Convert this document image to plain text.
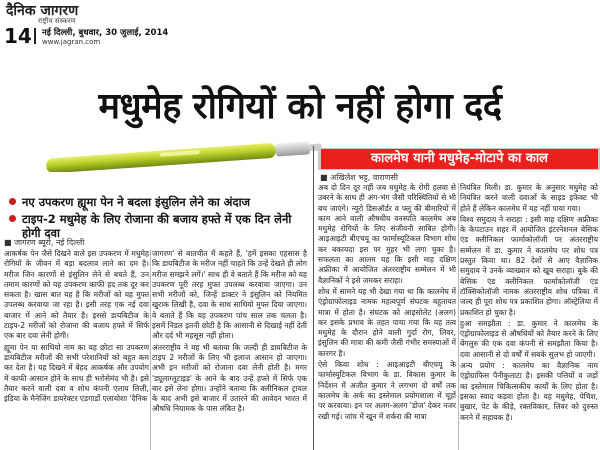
दैनिक जागरण
राष्ट्रीय संस्करण
14 नई दिल्ली, बुधवार, 30 जुलाई, 2014
www.jagran.com
मधुमेह रोगियों को नहीं होगा दर्द
नए उपकरण ह्यूमा पेन ने बदला इंसुलिन लेने का अंदाज
टाइप-2 मधुमेह के लिए रोजाना की बजाय हफ्ते में एक दिन लेनी होगी दवा
कालमेघ यानी मधुमेह-मोटापे का काल
■ अखिलेश भट्ट, वाराणसी
■ जागरण ब्यूरो, नई दिल्ली

आकर्षक पेन जैसे दिखने वाले इस उपकरण में मधुमेह रोगियों के जीवन में बड़ा बदलाव लाने का दम है। मरीज जिन कारणों से इंसुलिन लेने से बचते हैं, उन तमाम कारणों को यह उपकरण काफी हद तक दूर कर सकता है। खास बात यह है कि मरीजों को यह मुफ्त उपलब्ध करवाया जा रहा है। इसी तरह एक नई दवा बाजार में आने को तैयार है। इससे डायबिटीज के टाइप-2 मरीजों को रोजाना की बजाय हफ्ते में सिर्फ एक बार दवा लेनी होगी।

ह्यूमा पेन या साथियो नाम का यह छोटा सा उपकरण डायबिटीज मरीजों की सभी परेशानियों को बहुत कम कर देता है। यह दिखने में बेहद आकर्षक और उपयोग में काफी आसान होने के साथ ही भरोसेमंद भी है। इसे तैयार करने वाली दवा व शोध कंपनी एलाय लिली, इंडिया के मैनेजिंग डायरेक्टर एडगार्डो एलायोशा 'दैनिक

जागरण' से बातचीत में कहते हैं, 'हमें इसका एहसास है कि डायबिटीज के मरीज नहीं चाहते कि उन्हें देखते ही लोग मरीज समझने लगें।' साथ ही वे बताते हैं कि मरीज को यह उपकरण पूरी तरह मुफ्त उपलब्ध करवाया जाएगा। उन सभी मरीजों को, जिन्हें डाक्टर ने इंसुलिन को नियमित खुराक लिखी है, दवा के साथ साथियो मुफ्त दिया जाएगा। वे बताते हैं कि यह उपकरण पांच साल तक चलता है। इसमें निडल इतनी छोटी है कि आसानी से दिखाई नहीं देती और दर्द भी महसूस नहीं होता।

अंतरराष्ट्रीय ने यह भी बताया कि जल्दी ही डायबिटीज के टाइप 2 मरीजों के लिए भी इलाज आसान हो जाएगा। अभी इन मरीजों को रोजाना दवा लेनी होती है। मगर 'ड्यूलाग्लूटाइड' के आने के बाद उन्हें हफ्ते में सिर्फ एक बार इसे लेना होगा। उन्होंने बताया कि क्लीनिकल ट्रायल के बाद अभी इसे बाजार में उतारने की आवेदन भारत में औषधि नियामक के पास लंबित है।

अब दो दिन दूर नहीं जब मधुमेह के रोगी हलवा से उबरने के साथ ही अंग-भंग जैसी परिस्थितियों से भी बच जाएंगे। न्यूरो डिसऑर्डर व फ्लू की बीमारियों में काम आने वाली औषधीय वनस्पति कालमेघ अब मधुमेह रोगियों के लिए संजीवनी साबित होगी। आइआइटी बीएचयू का फार्मास्यूटिकल विभाग शोध कर बकायदा इस पर मुहर भी लगा चुका है। सफलता का आलम यह कि इसी माह दक्षिण अफ्रीका में आयोजित अंतरराष्ट्रीय सम्मेलन में भी वैज्ञानिकों ने इसे जमकर सराहा।

शोध में सामने यह भी देखा गया था कि कालमेघ में एंड्रोग्राफोलाइड नामक महत्वपूर्ण संघटक बहुतायत मात्रा में होता है। संघटक को आइसोलेट (अलग) कर इसके प्रभाव के तहत पाया गया कि यह तत्व मधुमेह के दौरान होने वाली गुर्दा रोग, लिवर, इंसुलिन की मात्रा की कमी जैसी गंभीर समस्याओं में कारगर है।

ऐसे किया शोध : आइआइटी बीएचयू के फार्मास्यूटिकल विभाग के डा. विकास कुमार के निर्देशन में अजीत कुमार ने लगभग दो वर्षों तक कालमेघ के अर्क का इस्तेमाल प्रयोगशाला में चूहों पर करवाया। इन पर अलग-अलग 'डोज' देकर नजर रखी गई। जांच में खून में शर्करा की मात्रा

नियंत्रित मिली। डा. कुमार के अनुसार मधुमेह को नियंत्रित करने वाली दवाओं के साइड इफेक्ट भी होते हैं लेकिन कालमेघ में यह नहीं पाया गया।

विश्व समुदाय ने सराहा : इसी माह दक्षिण अफ्रीका के केपटाउन शहर में आयोजित इंटरनेशनल बेसिक एंड क्लीनिकल फार्माकोलॉजी पर अंतरराष्ट्रीय सम्मेलन में डा. कुमार ने कालमेघ पर शोध पत्र प्रस्तुत किया था। 82 देशों से आए वैज्ञानिक समुदाय ने उनके व्याख्यान को खूब सराहा। बुके की बेसिक एंड क्लीनिकल फार्माकोलॉजी एंड टॉक्सिकोलॉजी नामक अंतरराष्ट्रीय शोध पत्रिका में जल्द ही पूरा शोध पत्र प्रकाशित होगा। ऑस्ट्रेलिया में प्रकाशित हो चुका है।

हुआ समझौता : डा. कुमार ने कालमेघ के एंड्रोग्राफोलाइड से औषधियों को तैयार करने के लिए बेंगलुरु की एक दवा कंपनी से समझौता किया है। दवा आसानी से दो वर्षों में सबके सुलभ हो जाएगी।

अन्य प्रयोग : कालमेघ का वैज्ञानिक नाम एंड्रोग्राफिस पैनीकुलाटा है। इसकी पत्तियों व जड़ों का इस्तेमाल चिकित्सकीय कार्यों के लिए होता है। इसका स्वाद कड़वा होता है। यह मधुमेह, पेचिश, बुखार, पेट के कीड़े, रक्तविकार, लिवर को दुरुस्त करने में सहायक है।
